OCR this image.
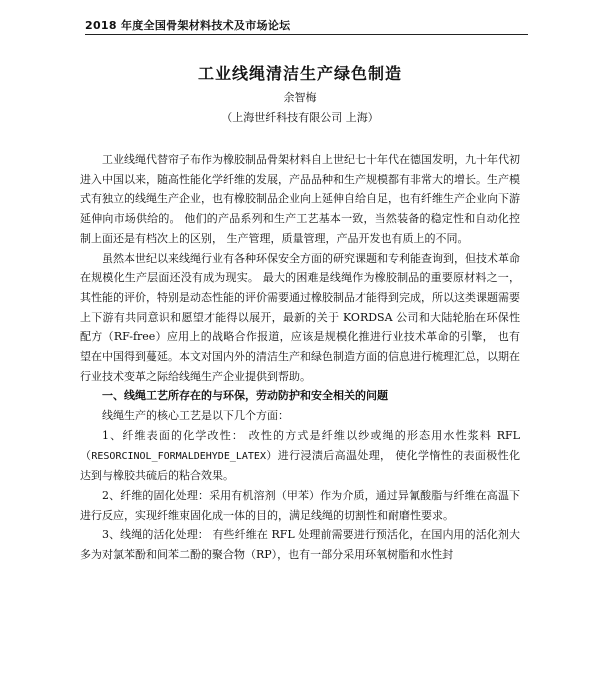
2018 年度全国骨架材料技术及市场论坛
工业线绳清洁生产绿色制造
余智梅
（上海世纤科技有限公司 上海）

工业线绳代替帘子布作为橡胶制品骨架材料自上世纪七十年代在德国发明，九十年代初进入中国以来，随高性能化学纤维的发展，产品品种和生产规模都有非常大的增长。生产模式有独立的线绳生产企业，也有橡胶制品企业向上延伸自给自足，也有纤维生产企业向下游延伸向市场供给的。 他们的产品系列和生产工艺基本一致，当然装备的稳定性和自动化控制上面还是有档次上的区别， 生产管理，质量管理，产品开发也有质上的不同。

虽然本世纪以来线绳行业有各种环保安全方面的研究课题和专利能查询到，但技术革命在规模化生产层面还没有成为现实。 最大的困难是线绳作为橡胶制品的重要原材料之一， 其性能的评价，特别是动态性能的评价需要通过橡胶制品才能得到完成，所以这类课题需要上下游有共同意识和愿望才能得以展开，最新的关于 KORDSA 公司和大陆轮胎在环保性配方（RF-free）应用上的战略合作报道，应该是规模化推进行业技术革命的引擎， 也有望在中国得到蔓延。本文对国内外的清洁生产和绿色制造方面的信息进行梳理汇总，以期在行业技术变革之际给线绳生产企业提供到帮助。

一、线绳工艺所存在的与环保，劳动防护和安全相关的问题

线绳生产的核心工艺是以下几个方面：

1、纤维表面的化学改性： 改性的方式是纤维以纱或绳的形态用水性浆料 RFL（RESORCINOL_FORMALDEHYDE_LATEX）进行浸渍后高温处理， 使化学惰性的表面极性化达到与橡胶共硫后的粘合效果。

2、纤维的固化处理：采用有机溶剂（甲苯）作为介质，通过异氰酸脂与纤维在高温下进行反应，实现纤维束固化成一体的目的，满足线绳的切割性和耐磨性要求。

3、线绳的活化处理： 有些纤维在 RFL 处理前需要进行预活化，在国内用的活化剂大多为对氯苯酚和间苯二酚的聚合物（RP），也有一部分采用环氧树脂和水性封
